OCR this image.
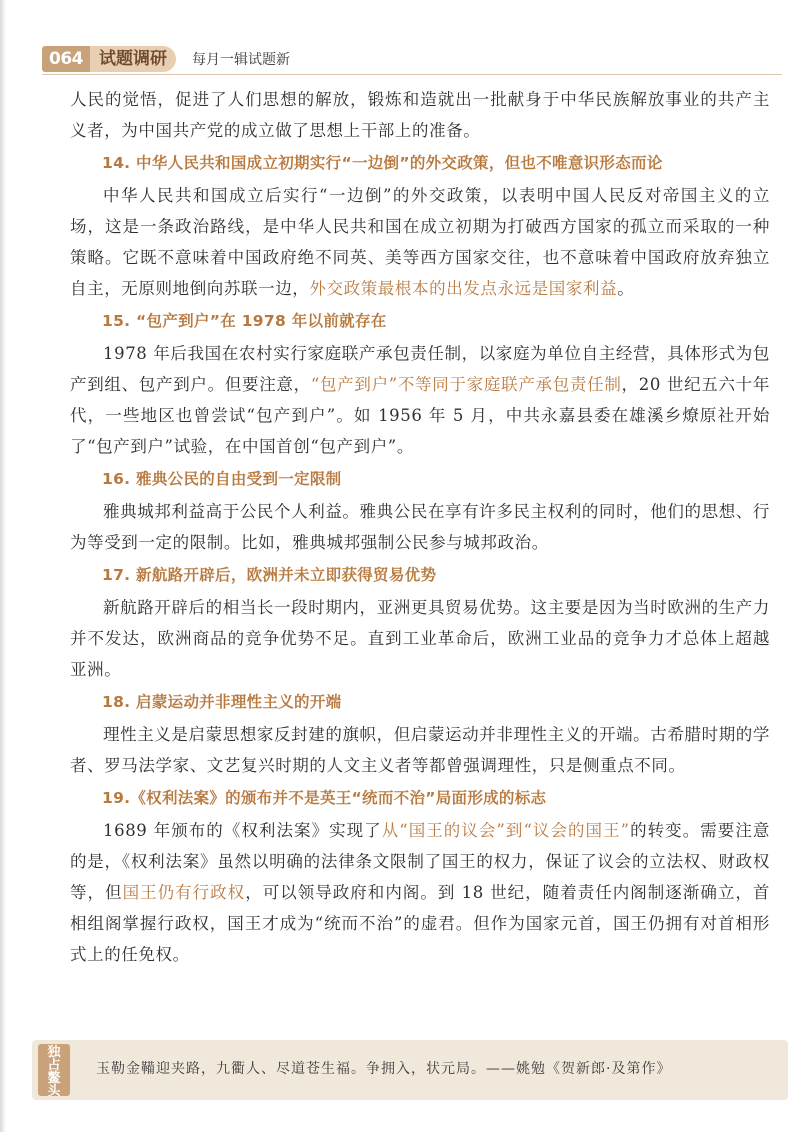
064 试题调研	每月一辑试题新

人民的觉悟，促进了人们思想的解放，锻炼和造就出一批献身于中华民族解放事业的共产主义者，为中国共产党的成立做了思想上干部上的准备。

14. 中华人民共和国成立初期实行“一边倒”的外交政策，但也不唯意识形态而论

中华人民共和国成立后实行“一边倒”的外交政策，以表明中国人民反对帝国主义的立场，这是一条政治路线，是中华人民共和国在成立初期为打破西方国家的孤立而采取的一种策略。它既不意味着中国政府绝不同英、美等西方国家交往，也不意味着中国政府放弃独立自主，无原则地倒向苏联一边，外交政策最根本的出发点永远是国家利益。

15. “包产到户”在 1978 年以前就存在

1978 年后我国在农村实行家庭联产承包责任制，以家庭为单位自主经营，具体形式为包产到组、包产到户。但要注意，“包产到户”不等同于家庭联产承包责任制，20 世纪五六十年代，一些地区也曾尝试“包产到户”。如 1956 年 5 月，中共永嘉县委在雄溪乡燎原社开始了“包产到户”试验，在中国首创“包产到户”。

16. 雅典公民的自由受到一定限制

雅典城邦利益高于公民个人利益。雅典公民在享有许多民主权利的同时，他们的思想、行为等受到一定的限制。比如，雅典城邦强制公民参与城邦政治。

17. 新航路开辟后，欧洲并未立即获得贸易优势

新航路开辟后的相当长一段时期内，亚洲更具贸易优势。这主要是因为当时欧洲的生产力并不发达，欧洲商品的竞争优势不足。直到工业革命后，欧洲工业品的竞争力才总体上超越亚洲。

18. 启蒙运动并非理性主义的开端

理性主义是启蒙思想家反封建的旗帜，但启蒙运动并非理性主义的开端。古希腊时期的学者、罗马法学家、文艺复兴时期的人文主义者等都曾强调理性，只是侧重点不同。

19.《权利法案》的颁布并不是英王“统而不治”局面形成的标志

1689 年颁布的《权利法案》实现了从“国王的议会”到“议会的国王”的转变。需要注意的是，《权利法案》虽然以明确的法律条文限制了国王的权力，保证了议会的立法权、财政权等，但国王仍有行政权，可以领导政府和内阁。到 18 世纪，随着责任内阁制逐渐确立，首相组阁掌握行政权，国王才成为“统而不治”的虚君。但作为国家元首，国王仍拥有对首相形式上的任免权。

独占鳌头
玉勒金鞴迎夹路，九衢人、尽道苍生福。争拥入，状元局。——姚勉《贺新郎·及第作》
